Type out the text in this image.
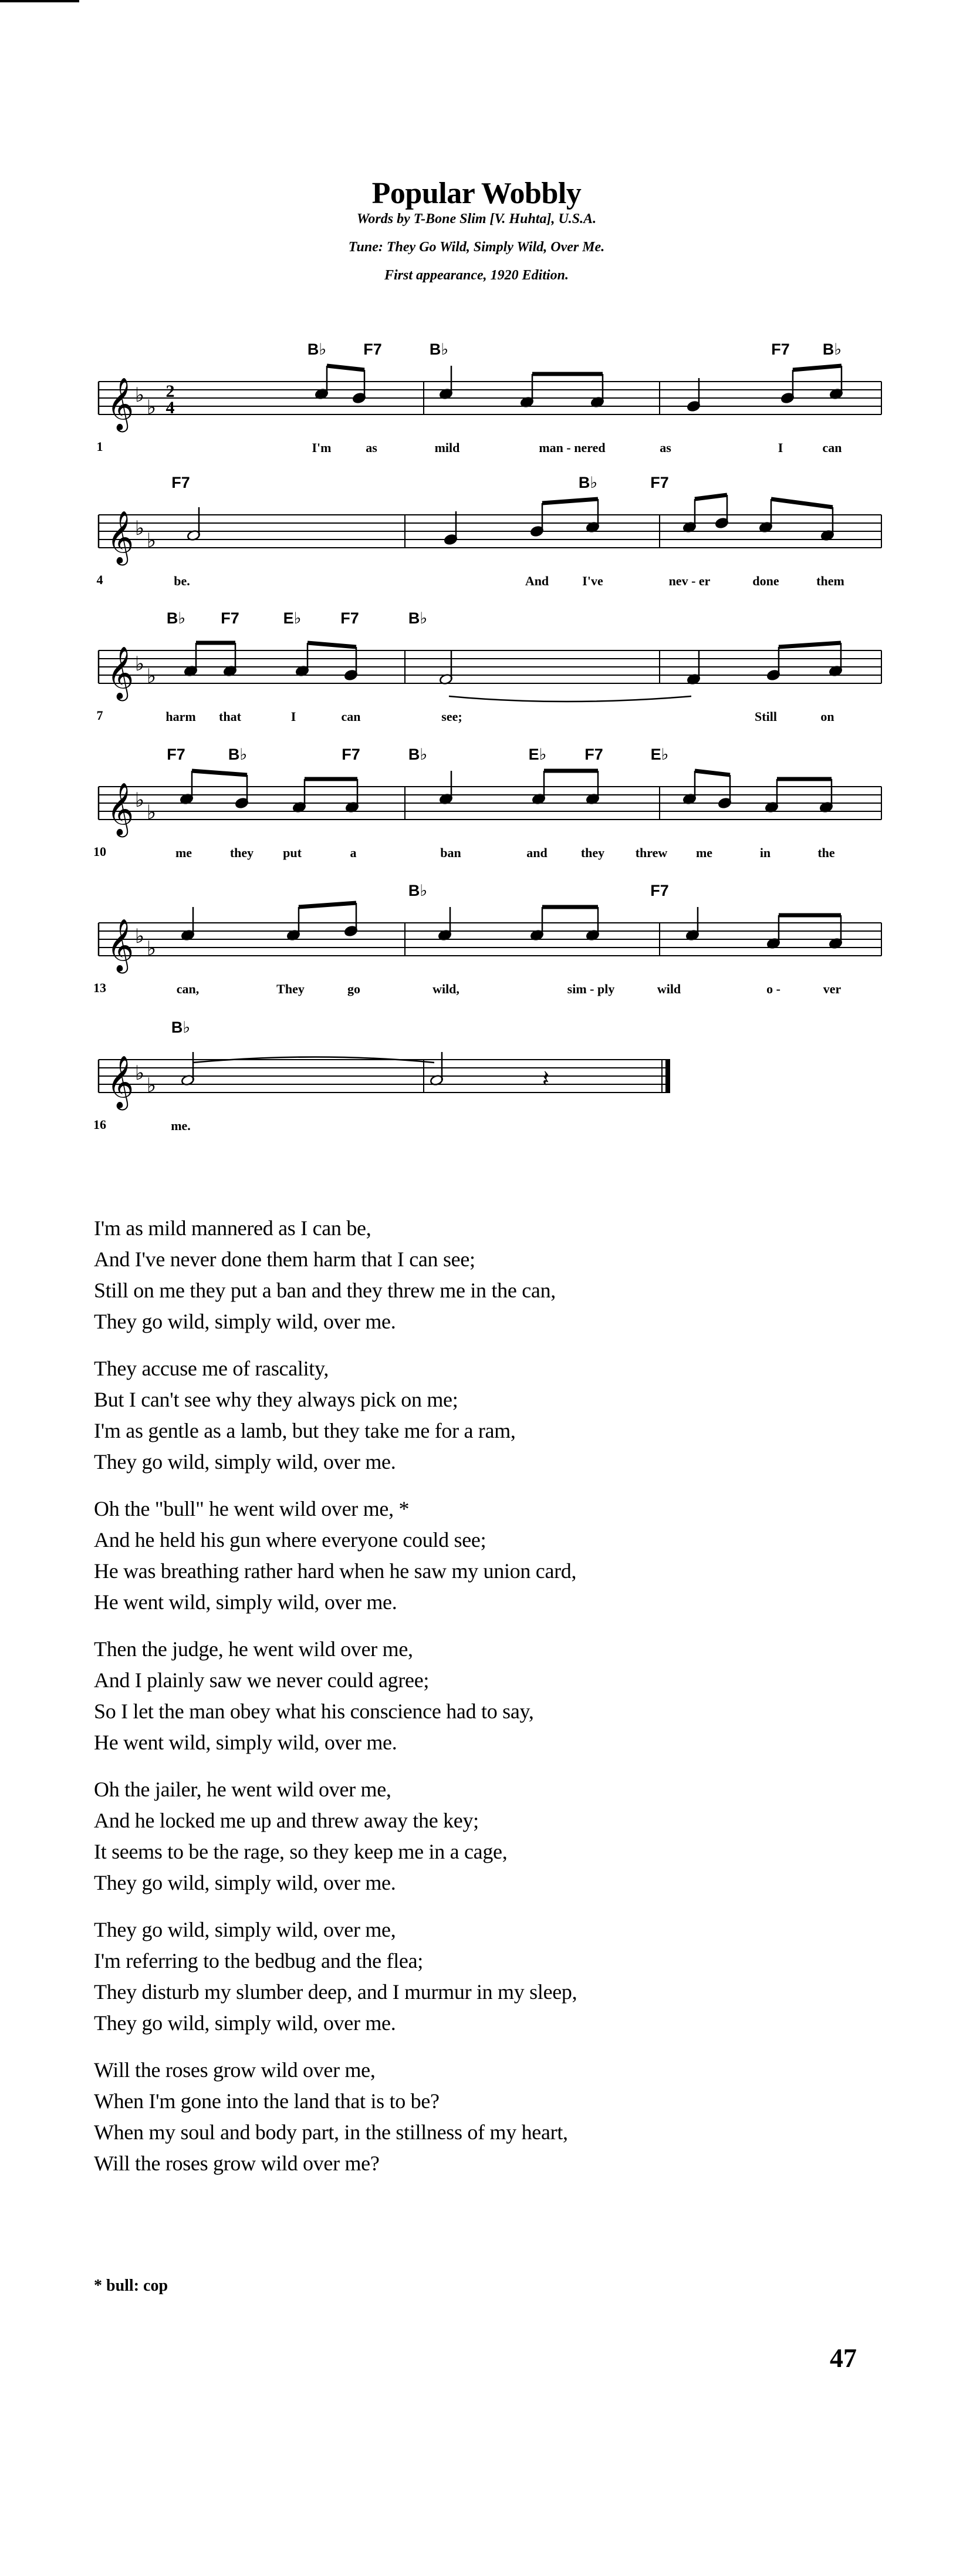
Popular Wobbly
Words by T-Bone Slim [V. Huhta], U.S.A.
Tune: They Go Wild, Simply Wild, Over Me.
First appearance, 1920 Edition.
𝄞 ♭
♭
2
4
1
B♭ F7	B♭	F7 B♭
I'm	as	mild	man - nered	as	I	can
𝄞 ♭
♭
4
F7	B♭	F7
be.	And	I've	nev - er	done	them
𝄞 ♭
♭
7
B♭ F7	E♭ F7	B♭
harm that	I	can	see;	Still	on
𝄞 ♭
♭
10
F7	B♭	F7	B♭	E♭ F7	E♭
me	they put	a	ban	and	they threw me	in	the
𝄞 ♭
♭
13
B♭	F7
can,	They	go	wild,	sim - ply	wild	o -	ver
𝄞 ♭
♭	𝄽
16
B♭
me.
I'm as mild mannered as I can be,
And I've never done them harm that I can see;
Still on me they put a ban and they threw me in the can,
They go wild, simply wild, over me.
They accuse me of rascality,
But I can't see why they always pick on me;
I'm as gentle as a lamb, but they take me for a ram,
They go wild, simply wild, over me.
Oh the "bull" he went wild over me, *
And he held his gun where everyone could see;
He was breathing rather hard when he saw my union card,
He went wild, simply wild, over me.
Then the judge, he went wild over me,
And I plainly saw we never could agree;
So I let the man obey what his conscience had to say,
He went wild, simply wild, over me.
Oh the jailer, he went wild over me,
And he locked me up and threw away the key;
It seems to be the rage, so they keep me in a cage,
They go wild, simply wild, over me.
They go wild, simply wild, over me,
I'm referring to the bedbug and the flea;
They disturb my slumber deep, and I murmur in my sleep,
They go wild, simply wild, over me.
Will the roses grow wild over me,
When I'm gone into the land that is to be?
When my soul and body part, in the stillness of my heart,
Will the roses grow wild over me?
* bull: cop
47
